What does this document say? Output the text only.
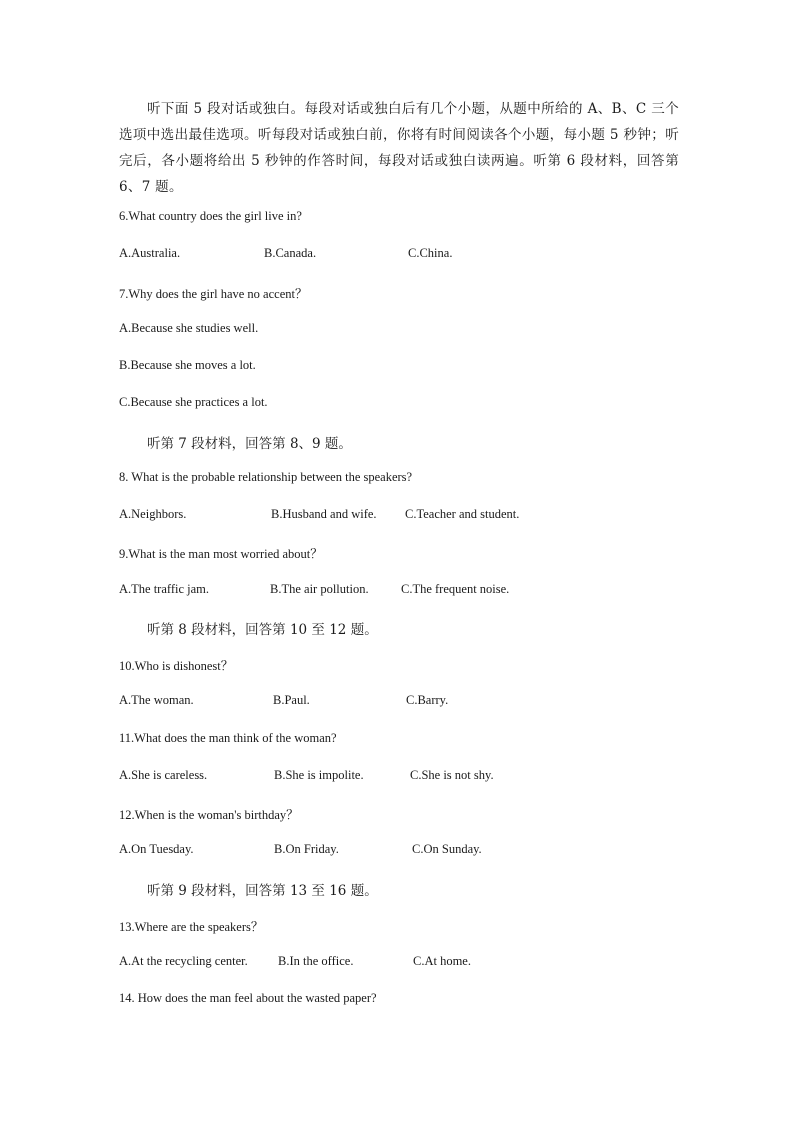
听下面 5 段对话或独白。每段对话或独白后有几个小题，从题中所给的 A、B、C 三个选项中选出最佳选项。听每段对话或独白前，你将有时间阅读各个小题，每小题 5 秒钟；听完后，各小题将给出 5 秒钟的作答时间，每段对话或独白读两遍。听第 6 段材料，回答第 6、7 题。

6.What country does the girl live in?
A.Australia.	B.Canada.	C.China.
7.Why does the girl have no accent？
A.Because she studies well.
B.Because she moves a lot.
C.Because she practices a lot.
听第 7 段材料，回答第 8、9 题。
8. What is the probable relationship between the speakers?
A.Neighbors.	B.Husband and wife. C.Teacher and student.
9.What is the man most worried about？
A.The traffic jam.	B.The air pollution.	C.The frequent noise.
听第 8 段材料，回答第 10 至 12 题。
10.Who is dishonest？
A.The woman.	B.Paul.	C.Barry.
11.What does the man think of the woman?
A.She is careless.	B.She is impolite.	C.She is not shy.
12.When is the woman's birthday？
A.On Tuesday.	B.On Friday.	C.On Sunday.
听第 9 段材料，回答第 13 至 16 题。
13.Where are the speakers？
A.At the recycling center. B.In the office.	C.At home.
14. How does the man feel about the wasted paper?
